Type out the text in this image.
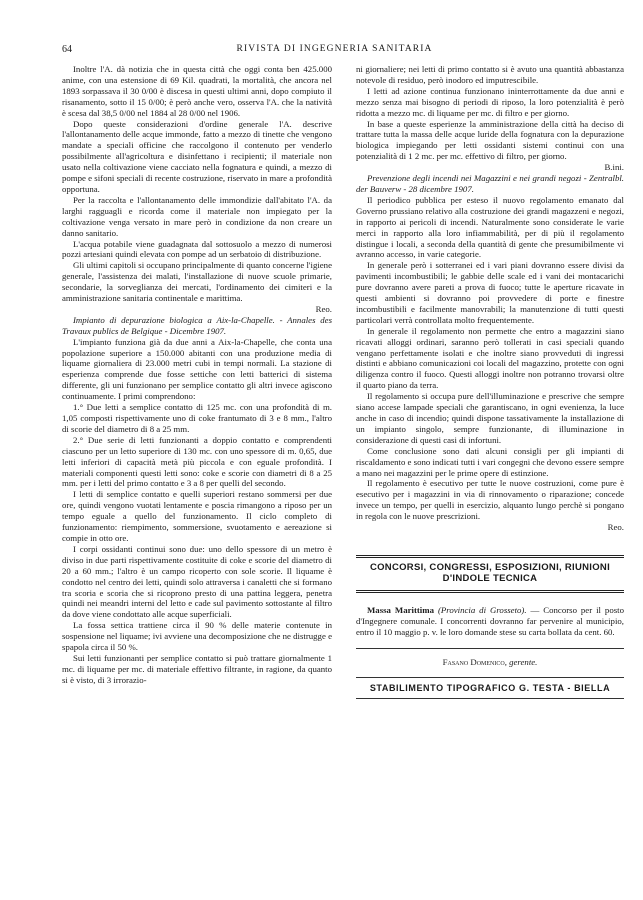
64	RIVISTA DI INGEGNERIA SANITARIA

Inoltre l'A. dà notizia che in questa città che oggi conta ben 425.000 anime, con una estensione di 69 Kil. quadrati, la mortalità, che ancora nel 1893 sorpassava il 30 0/00 è discesa in questi ultimi anni, dopo compiuto il risanamento, sotto il 15 0/00; è però anche vero, osserva l'A. che la natività è scesa dal 38,5 0/00 nel 1884 al 28 0/00 nel 1906.

Dopo queste considerazioni d'ordine generale l'A. descrive l'allontanamento delle acque immonde, fatto a mezzo di tinette che vengono mandate a speciali officine che raccolgono il contenuto per venderlo possibilmente all'agricoltura e disinfettano i recipienti; il materiale non usato nella coltivazione viene cacciato nella fognatura e quindi, a mezzo di pompe e sifoni speciali di recente costruzione, riservato in mare a profondità opportuna.

Per la raccolta e l'allontanamento delle immondizie dall'abitato l'A. da larghi ragguagli e ricorda come il materiale non impiegato per la coltivazione venga versato in mare però in condizione da non creare un danno sanitario.

L'acqua potabile viene guadagnata dal sottosuolo a mezzo di numerosi pozzi artesiani quindi elevata con pompe ad un serbatoio di distribuzione.

Gli ultimi capitoli si occupano principalmente di quanto concerne l'igiene generale, l'assistenza dei malati, l'installazione di nuove scuole primarie, secondarie, la sorveglianza dei mercati, l'ordinamento dei cimiteri e la amministrazione sanitaria continentale e marittima.

Reo.

Impianto di depurazione biologica a Aix-la-Chapelle. - Annales des Travaux publics de Belgique - Dicembre 1907.

L'impianto funziona già da due anni a Aix-la-Chapelle, che conta una popolazione superiore a 150.000 abitanti con una produzione media di liquame giornaliera di 23.000 metri cubi in tempi normali. La stazione di esperienza comprende due fosse settiche con letti batterici di sistema differente, gli uni funzionano per semplice contatto gli altri invece agiscono continuamente. I primi comprendono:

1.° Due letti a semplice contatto di 125 mc. con una profondità di m. 1,05 composti rispettivamente uno di coke frantumato di 3 e 8 mm., l'altro di scorie del diametro di 8 a 25 mm.

2.° Due serie di letti funzionanti a doppio contatto e comprendenti ciascuno per un letto superiore di 130 mc. con uno spessore di m. 0,65, due letti inferiori di capacità metà più piccola e con eguale profondità. I materiali componenti questi letti sono: coke e scorie con diametri di 8 a 25 mm. per i letti del primo contatto e 3 a 8 per quelli del secondo.

I letti di semplice contatto e quelli superiori restano sommersi per due ore, quindi vengono vuotati lentamente e poscia rimangono a riposo per un tempo eguale a quello del funzionamento. Il ciclo completo di funzionamento: riempimento, sommersione, svuotamento e aereazione si compie in otto ore.

I corpi ossidanti continui sono due: uno dello spessore di un metro è diviso in due parti rispettivamente costituite di coke e scorie del diametro di 20 a 60 mm.; l'altro è un campo ricoperto con sole scorie. Il liquame è condotto nel centro dei letti, quindi solo attraversa i canaletti che si formano tra scoria e scoria che si ricoprono presto di una pattina leggera, penetra quindi nei meandri interni del letto e cade sul pavimento sottostante al filtro da dove viene condottato alle acque superficiali.

La fossa settica trattiene circa il 90 % delle materie contenute in sospensione nel liquame; ivi avviene una decomposizione che ne distrugge e spapola circa il 50 %.

Sui letti funzionanti per semplice contatto si può trattare giornalmente 1 mc. di liquame per mc. di materiale effettivo filtrante, in ragione, da quanto si è visto, di 3 irrorazio-

ni giornaliere; nei letti di primo contatto si è avuto una quantità abbastanza notevole di residuo, però inodoro ed imputrescibile.

I letti ad azione continua funzionano ininterrottamente da due anni e mezzo senza mai bisogno di periodi di riposo, la loro potenzialità è però ridotta a mezzo mc. di liquame per mc. di filtro e per giorno.

In base a queste esperienze la amministrazione della città ha deciso di trattare tutta la massa delle acque luride della fognatura con la depurazione biologica impiegando per letti ossidanti sistemi continui con una potenzialità di 1 2 mc. per mc. effettivo di filtro, per giorno.

B.ini.

Prevenzione degli incendi nei Magazzini e nei grandi negozi - Zentralbl. der Bauverw - 28 dicembre 1907.

Il periodico pubblica per esteso il nuovo regolamento emanato dal Governo prussiano relativo alla costruzione dei grandi magazzeni e negozi, in rapporto ai pericoli di incendi. Naturalmente sono considerate le varie merci in rapporto alla loro infiammabilità, per di più il regolamento distingue i locali, a seconda della quantità di gente che presumibilmente vi avranno accesso, in varie categorie.

In generale però i sotterranei ed i vari piani dovranno essere divisi da pavimenti incombustibili; le gabbie delle scale ed i vani dei montacarichi pure dovranno avere pareti a prova di fuoco; tutte le aperture ricavate in questi ambienti si dovranno poi provvedere di porte e finestre incombustibili e facilmente manovrabili; la manutenzione di tutti questi particolari verrà controllata molto frequentemente.

In generale il regolamento non permette che entro a magazzini siano ricavati alloggi ordinari, saranno però tollerati in casi speciali quando vengano perfettamente isolati e che inoltre siano provveduti di ingressi distinti e abbiano comunicazioni coi locali del magazzino, protette con ogni diligenza contro il fuoco. Questi alloggi inoltre non potranno trovarsi oltre il quarto piano da terra.

Il regolamento si occupa pure dell'illuminazione e prescrive che sempre siano accese lampade speciali che garantiscano, in ogni evenienza, la luce anche in caso di incendio; quindi dispone tassativamente la installazione di un impianto singolo, sempre funzionante, di illuminazione in considerazione di questi casi di infortuni.

Come conclusione sono dati alcuni consigli per gli impianti di riscaldamento e sono indicati tutti i vari congegni che devono essere sempre a mano nei magazzini per le prime opere di estinzione.

Il regolamento è esecutivo per tutte le nuove costruzioni, come pure è esecutivo per i magazzini in via di rinnovamento o riparazione; concede invece un tempo, per quelli in esercizio, alquanto lungo perchè si pongano in regola con le nuove prescrizioni.

Reo.
CONCORSI, CONGRESSI, ESPOSIZIONI, RIUNIONI D'INDOLE TECNICA

Massa Marittima (Provincia di Grosseto). — Concorso per il posto d'Ingegnere comunale. I concorrenti dovranno far pervenire al municipio, entro il 10 maggio p. v. le loro domande stese su carta bollata da cent. 60.

Fasano Domenico, gerente.
STABILIMENTO TIPOGRAFICO G. TESTA - BIELLA
